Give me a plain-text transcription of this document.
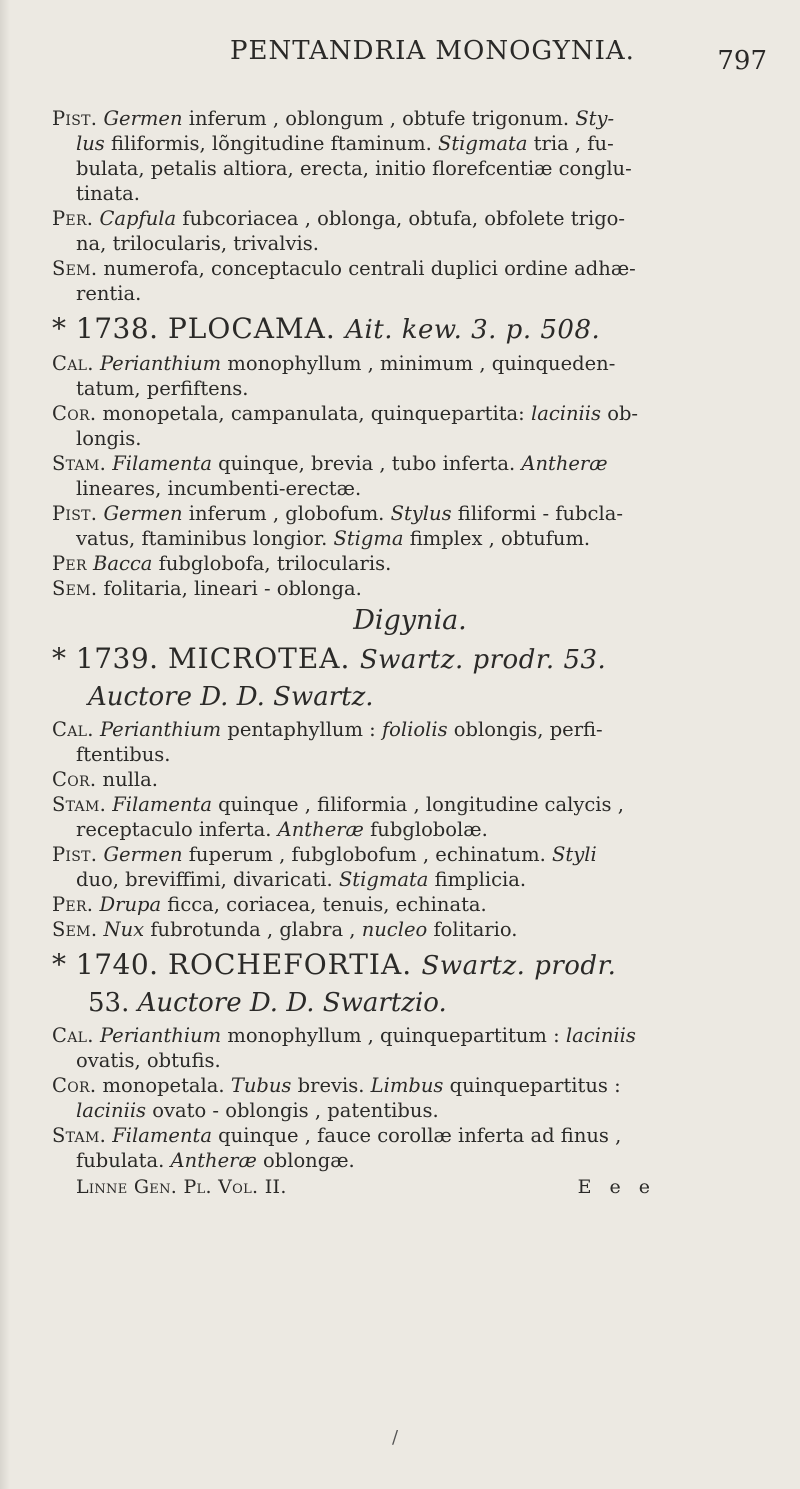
PENTANDRIA MONOGYNIA.	797

Pist. Germen inferum , oblongum , obtufe trigonum. Sty-
lus filiformis, lõngitudine ftaminum. Stigmata tria , fu-
bulata, petalis altiora, erecta, initio florefcentiæ conglu-
tinata.

Per. Capfula fubcoriacea , oblonga, obtufa, obfolete trigo-
na, trilocularis, trivalvis.

Sem. numerofa, conceptaculo centrali duplici ordine adhæ-
rentia.

* 1738. PLOCAMA. Ait. kew. 3. p. 508.

Cal. Perianthium monophyllum , minimum , quinqueden-
tatum, perfiftens.

Cor. monopetala, campanulata, quinquepartita: laciniis ob-
longis.

Stam. Filamenta quinque, brevia , tubo inferta. Antheræ
lineares, incumbenti-erectæ.

Pist. Germen inferum , globofum. Stylus filiformi - fubcla-
vatus, ftaminibus longior. Stigma fimplex , obtufum.

Per Bacca fubglobofa, trilocularis.

Sem. folitaria, lineari - oblonga.

Digynia.
* 1739. MICROTEA. Swartz. prodr. 53.
Auctore D. D. Swartz.

Cal. Perianthium pentaphyllum : foliolis oblongis, perfi-
ftentibus.

Cor. nulla.

Stam. Filamenta quinque , filiformia , longitudine calycis ,
receptaculo inferta. Antheræ fubglobolæ.

Pist. Germen fuperum , fubglobofum , echinatum. Styli
duo, breviffimi, divaricati. Stigmata fimplicia.

Per. Drupa ficca, coriacea, tenuis, echinata.

Sem. Nux fubrotunda , glabra , nucleo folitario.

* 1740. ROCHEFORTIA. Swartz. prodr.
53. Auctore D. D. Swartzio.

Cal. Perianthium monophyllum , quinquepartitum : laciniis
ovatis, obtufis.

Cor. monopetala. Tubus brevis. Limbus quinquepartitus :
laciniis ovato - oblongis , patentibus.

Stam. Filamenta quinque , fauce corollæ inferta ad finus ,
fubulata. Antheræ oblongæ.

Linne Gen. Pl. Vol. II.	E e e
/
